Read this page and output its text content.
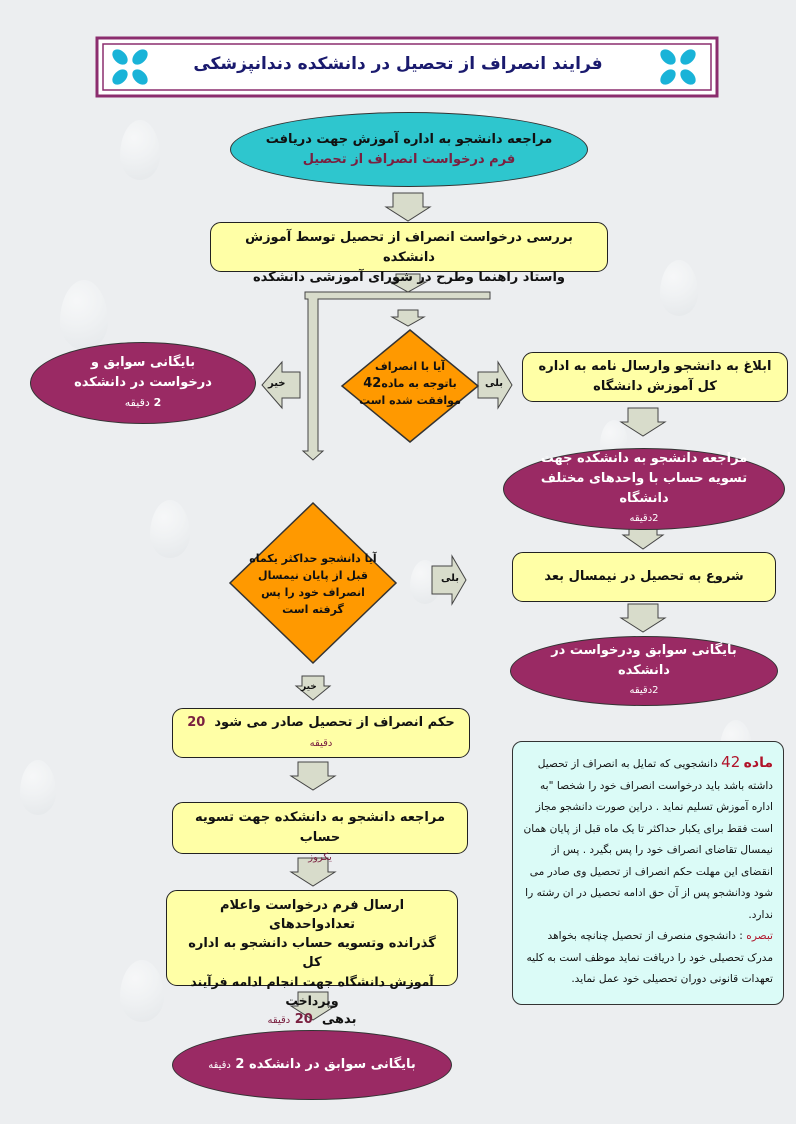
فرایند انصراف از تحصیل در دانشکده دندانپزشکی
مراجعه دانشجو به اداره آموزش جهت دریافت
فرم درخواست انصراف از تحصیل
بررسی درخواست انصراف از تحصیل توسط آموزش دانشکده
واستاد راهنما وطرح در شورای آموزشی دانشکده
آیا با انصراف
باتوجه به ماده42
موافقت شده است
بلی
خیر
بایگانی سوابق و درخواست در دانشکده
2 دقیقه
ابلاغ به دانشجو وارسال نامه به اداره کل آموزش دانشگاه
مراجعه دانشجو به دانشکده جهت تسویه حساب با واحدهای مختلف دانشگاه
2دقیقه
آیا دانشجو حداکثر یکماه
قبل از پایان نیمسال
انصراف خود را پس
گرفته است
بلی
خیر
شروع به تحصیل در نیمسال بعد
بایگانی سوابق ودرخواست در دانشکده
2دقیقه
حکم انصراف از تحصیل صادر می شود  20 دقیقه
مراجعه دانشجو به دانشکده جهت تسویه حساب
یکروز
ارسال فرم درخواست واعلام تعدادواحدهای
گذرانده وتسویه حساب دانشجو به اداره کل
آموزش دانشگاه جهت انجام ادامه فرآیند وپرداخت
بدهی  20 دقیقه
بایگانی سوابق در دانشکده 2 دقیقه
ماده 42 دانشجویی که تمایل به انصراف از تحصیل داشته باشد باید درخواست انصراف خود را شخصا "به اداره آموزش تسلیم نماید . دراین صورت دانشجو مجاز است فقط برای یکبار حداکثر تا یک ماه قبل از پایان همان نیمسال تقاضای انصراف خود را پس بگیرد . پس از انقضای این مهلت حکم انصراف از تحصیل وی صادر می شود ودانشجو پس از آن حق ادامه تحصیل در ان رشته را ندارد.
تبصره : دانشجوی منصرف از تحصیل چنانچه بخواهد مدرک تحصیلی خود را دریافت نماید موظف است به کلیه تعهدات قانونی دوران تحصیلی خود عمل نماید.
